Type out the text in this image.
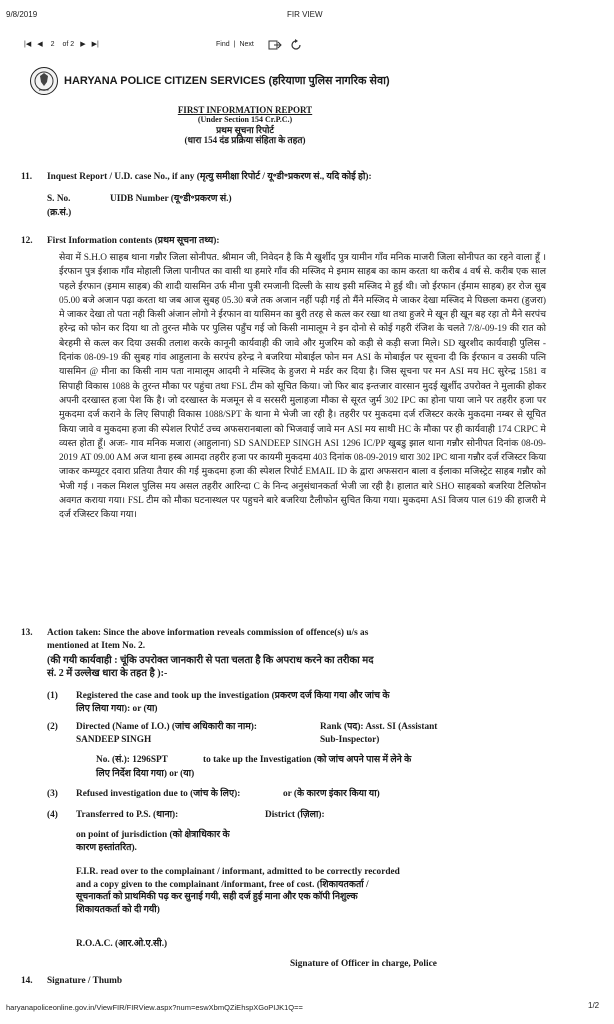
9/8/2019	FIR VIEW
|◀ ◀ 2 of 2 ▶ ▶|	Find | Next
POLICE
HARYANA POLICE CITIZEN SERVICES (हरियाणा पुलिस नागरिक सेवा)
FIRST INFORMATION REPORT
(Under Section 154 Cr.P.C.)
प्रथम सूचना रिपोर्ट
(धारा 154 दंड प्रक्रिया संहिता के तहत)
11. Inquest Report / U.D. case No., if any (मृत्यु समीक्षा रिपोर्ट / यू॰डी॰प्रकरण सं., यदि कोई हो):
S. No.
(क्र.सं.)
UIDB Number (यू॰डी॰प्रकरण सं.)
12. First Information contents (प्रथम सूचना तथ्य):
सेवा में S.H.O साहब थाना गन्नौर जिला सोनीपत. श्रीमान जी, निवेदन है कि मै खुर्शीद पुत्र यामीन गाँव मनिक माजरी जिला सोनीपत का रहने वाला हूँ । ईरफान पुत्र ईशाक गाँव मोहाली जिला पानीपत का वासी था हमारे गाँव की मस्जिद मे इमाम साहब का काम करता था करीब 4 वर्ष से. करीब एक साल पहले ईरफान (इमाम साहब) की शादी यासमिन उर्फ मीना पुत्री रमजानी दिल्ली के साथ इसी मस्जिद मे हुई थी। जो ईरफान (ईमाम साहब) हर रोज सुब 05.00 बजे अजान पढ़ा करता था जब आज सुबह 05.30 बजे तक अजान नहीं पढ़ी गई तो मैंने मस्जिद मे जाकर देखा मस्जिद मे पिछला कमरा (हुजरा) मे जाकर देखा तो पता नही किसी अंजान लोगो ने ईरफान वा यासिमन का बुरी तरह से कत्ल कर रखा था तथा हुजरे मे खून ही खून बह रहा तो मैने सरपंच हरेन्द्र को फोन कर दिया था तो तुरन्त मौके पर पुलिस पहुँच गई जो किसी नामालूम ने इन दोनो से कोई गहरी रंजिश के चलते 7/8/-09-19 की रात को बेरहमी से कत्ल कर दिया उसकी तलाश करके कानूनी कार्यवाही की जावे और मुजरिम को कड़ी से कड़ी सजा मिले। SD खुरशीद कार्यवाही पुलिस - दिनांक 08-09-19 की सुबह गांव आहुलाना के सरपंच हरेन्द्र ने बजरिया मोबाईल फोन मन ASI के मोबाईल पर सूचना दी कि ईरफान व उसकी पत्नि यासमिन @ मीना का किसी नाम पता नामालूम आदमी ने मस्जिद के हुजरा मे मर्डर कर दिया है। जिस सूचना पर मन ASI मय HC सुरेन्द्र 1581 व सिपाही विकास 1088 के तुरन्त मौका पर पहुंचा तथा FSL टीम को सूचित किया। जो फिर बाद इन्तजार वारसान मुदई खुर्शीद उपरोक्त ने मुलाकी होकर अपनी दरखास्त हजा पेश कि है। जो दरखास्त के मजमून से व सरसरी मुलाहजा मौका से सूरत जुर्म 302 IPC का होना पाया जाने पर तहरीर हजा पर मुकदमा दर्ज कराने के लिए सिपाही विकास 1088/SPT के थाना मे भेजी जा रही है। तहरीर पर मुकदमा दर्ज रजिस्टर करके मुकदमा नम्बर से सूचित किया जावे व मुकदमा हजा की स्पेशल रिपोर्ट उच्च अफसरानबाला को भिजवाई जावे मन ASI मय साथी HC के मौका पर ही कार्यवाही 174 CRPC मे व्यस्त होता हूँ। अजः- गाव मनिक मजारा (आहुलाना) SD SANDEEP SINGH ASI 1296 IC/PP खुबडु झाल थाना गन्नौर सोनीपत दिनांक 08-09-2019 AT 09.00 AM अज थाना हस्ब आमदा तहरीर हजा पर कायमी मुकदमा 403 दिनांक 08-09-2019 धारा 302 IPC थाना गन्नौर दर्ज रजिस्टर किया जाकर कम्प्यूटर दवारा प्रतिया तैयार की गई मुकदमा हजा की स्पेशल रिपोर्ट EMAIL ID के द्वारा अफसरान बाला व ईलाका मजिस्ट्रेट साहब गन्नौर को भेजी गई । नकल मिशल पुलिस मय असल तहरीर आरिन्दा C के निन्द अनुसंधानकर्ता भेजी जा रही है। हालात बारे SHO साहबको बजरिया टैलिफोन अवगत कराया गया। FSL टीम को मौका घटनास्थल पर पहुचने बारे बजरिया टैलीफोन सुचित किया गया। मुकदमा ASI विजय पाल 619 की हाजरी मे दर्ज रजिस्टर किया गया।
13. Action taken: Since the above information reveals commission of offence(s) u/s as
mentioned at Item No. 2.
(की गयी कार्यवाही : चूंकि उपरोक्त जानकारी से पता चलता है कि अपराध करने का तरीका मद
सं. 2 में उल्लेख धारा के तहत है ):-
(1) Registered the case and took up the investigation (प्रकरण दर्ज किया गया और जांच के
लिए लिया गया): or (या)
(2) Directed (Name of I.O.) (जांच अधिकारी का नाम):
SANDEEP SINGH
Rank (पद): Asst. SI (Assistant
Sub-Inspector)
No. (सं.): 1296SPT	to take up the Investigation (को जांच अपने पास में लेने के
लिए निर्देश दिया गया) or (या)
(3) Refused investigation due to (जांच के लिए):	or (के कारण इंकार किया या)
(4) Transferred to P.S. (थाना):	District (ज़िला):
on point of jurisdiction (को क्षेत्राधिकार के
कारण हस्तांतरित).
F.I.R. read over to the complainant / informant, admitted to be correctly recorded
and a copy given to the complainant /informant, free of cost. (शिकायतकर्ता /
सूचनाकर्ता को प्राथमिकी पढ़ कर सुनाई गयी, सही दर्ज हुई माना और एक कॉपी निशुल्क
शिकायतकर्ता को दी गयी)
R.O.A.C. (आर.ओ.ए.सी.)
Signature of Officer in charge, Police
14. Signature / Thumb
haryanapoliceonline.gov.in/ViewFIR/FIRView.aspx?num=eswXbmQZiEhspXGoPIJK1Q==	1/2
